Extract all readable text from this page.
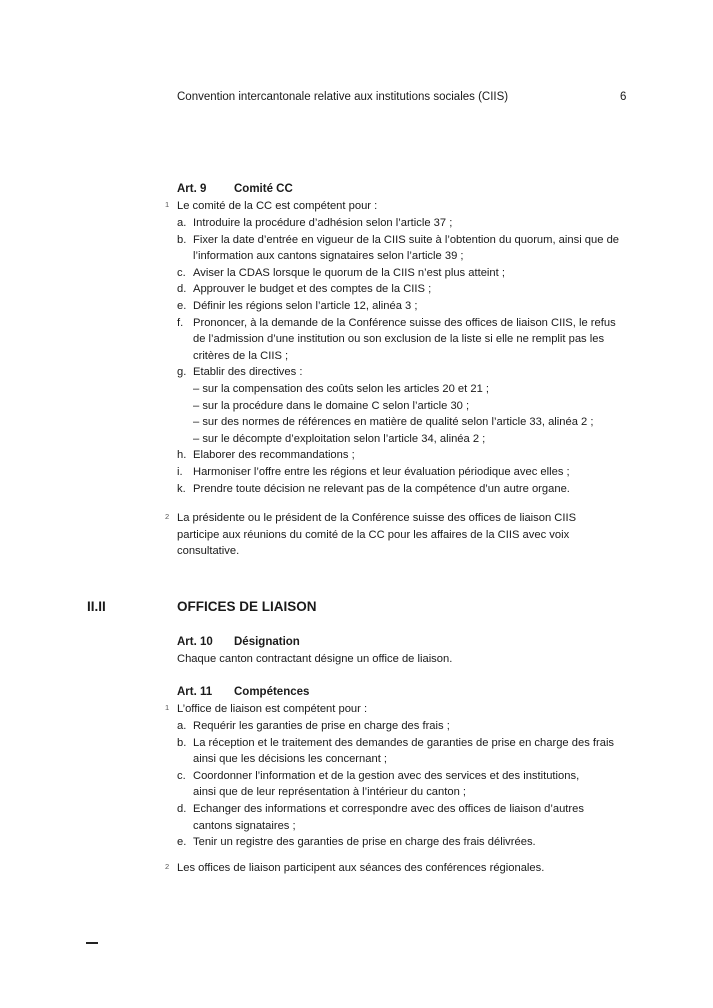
Convention intercantonale relative aux institutions sociales (CIIS)	6
Art. 9 Comité CC
1 Le comité de la CC est compétent pour :
a. Introduire la procédure d’adhésion selon l’article 37 ;
b. Fixer la date d’entrée en vigueur de la CIIS suite à l’obtention du quorum, ainsi que de
l’information aux cantons signataires selon l’article 39 ;
c. Aviser la CDAS lorsque le quorum de la CIIS n’est plus atteint ;
d. Approuver le budget et des comptes de la CIIS ;
e. Définir les régions selon l’article 12, alinéa 3 ;
f. Prononcer, à la demande de la Conférence suisse des offices de liaison CIIS, le refus
de l’admission d’une institution ou son exclusion de la liste si elle ne remplit pas les
critères de la CIIS ;
g. Etablir des directives :
– sur la compensation des coûts selon les articles 20 et 21 ;
– sur la procédure dans le domaine C selon l’article 30 ;
– sur des normes de références en matière de qualité selon l’article 33, alinéa 2 ;
– sur le décompte d’exploitation selon l’article 34, alinéa 2 ;
h. Elaborer des recommandations ;
i. Harmoniser l’offre entre les régions et leur évaluation périodique avec elles ;
k. Prendre toute décision ne relevant pas de la compétence d’un autre organe.
2 La présidente ou le président de la Conférence suisse des offices de liaison CIIS
participe aux réunions du comité de la CC pour les affaires de la CIIS avec voix
consultative.
II.II	OFFICES DE LIAISON
Art. 10 Désignation
Chaque canton contractant désigne un office de liaison.
Art. 11 Compétences
1 L’office de liaison est compétent pour :
a. Requérir les garanties de prise en charge des frais ;
b. La réception et le traitement des demandes de garanties de prise en charge des frais
ainsi que les décisions les concernant ;
c. Coordonner l’information et de la gestion avec des services et des institutions,
ainsi que de leur représentation à l’intérieur du canton ;
d. Echanger des informations et correspondre avec des offices de liaison d’autres
cantons signataires ;
e. Tenir un registre des garanties de prise en charge des frais délivrées.
2 Les offices de liaison participent aux séances des conférences régionales.
